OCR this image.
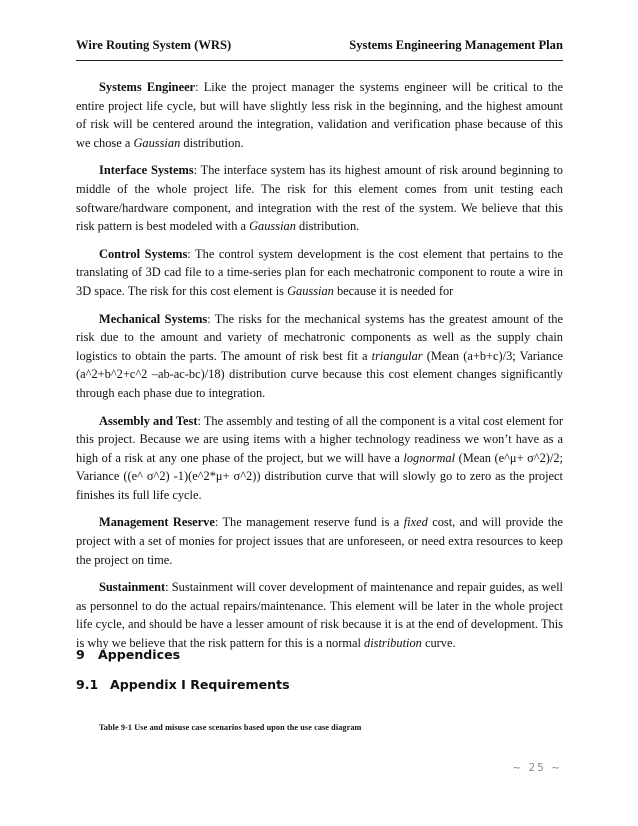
Wire Routing System (WRS)	Systems Engineering Management Plan

Systems Engineer: Like the project manager the systems engineer will be critical to the entire project life cycle, but will have slightly less risk in the beginning, and the highest amount of risk will be centered around the integration, validation and verification phase because of this we chose a Gaussian distribution.

Interface Systems: The interface system has its highest amount of risk around beginning to middle of the whole project life. The risk for this element comes from unit testing each software/hardware component, and integration with the rest of the system. We believe that this risk pattern is best modeled with a Gaussian distribution.

Control Systems: The control system development is the cost element that pertains to the translating of 3D cad file to a time-series plan for each mechatronic component to route a wire in 3D space. The risk for this cost element is Gaussian because it is needed for

Mechanical Systems: The risks for the mechanical systems has the greatest amount of the risk due to the amount and variety of mechatronic components as well as the supply chain logistics to obtain the parts. The amount of risk best fit a triangular (Mean (a+b+c)/3; Variance (a^2+b^2+c^2 –ab-ac-bc)/18) distribution curve because this cost element changes significantly through each phase due to integration.

Assembly and Test: The assembly and testing of all the component is a vital cost element for this project. Because we are using items with a higher technology readiness we won’t have as a high of a risk at any one phase of the project, but we will have a lognormal (Mean (e^μ+ σ^2)/2; Variance ((e^ σ^2) -1)(e^2*μ+ σ^2)) distribution curve that will slowly go to zero as the project finishes its full life cycle.

Management Reserve: The management reserve fund is a fixed cost, and will provide the project with a set of monies for project issues that are unforeseen, or need extra resources to keep the project on time.

Sustainment: Sustainment will cover development of maintenance and repair guides, as well as personnel to do the actual repairs/maintenance. This element will be later in the whole project life cycle, and should be have a lesser amount of risk because it is at the end of development. This is why we believe that the risk pattern for this is a normal distribution curve.

9 Appendices
9.1 Appendix I Requirements
Table 9-1 Use and misuse case scenarios based upon the use case diagram
~ 25 ~
